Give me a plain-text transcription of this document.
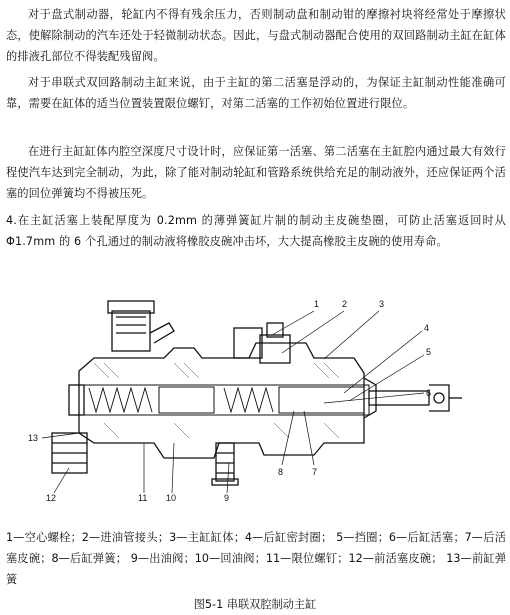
对于盘式制动器，轮缸内不得有残余压力，否则制动盘和制动钳的摩擦衬块将经常处于摩擦状态，使解除制动的汽车还处于轻微制动状态。因此，与盘式制动器配合使用的双回路制动主缸在缸体的排液孔部位不得装配残留阀。

对于串联式双回路制动主缸来说，由于主缸的第二活塞是浮动的，为保证主缸制动性能准确可靠，需要在缸体的适当位置装置限位螺钉，对第二活塞的工作初始位置进行限位。

在进行主缸缸体内腔空深度尺寸设计时，应保证第一活塞、第二活塞在主缸腔内通过最大有效行程使汽车达到完全制动，为此，除了能对制动轮缸和管路系统供给充足的制动液外，还应保证两个活塞的回位弹簧均不得被压死。

4.在主缸活塞上装配厚度为 0.2mm 的薄弹簧缸片制的制动主皮碗垫圈，可防止活塞返回时从Φ1.7mm 的 6 个孔通过的制动液将橡胶皮碗冲击坏，大大提高橡胶主皮碗的使用寿命。

1	2	3
4
5
6
7
8
9
10
11
12
13

1—空心螺栓；2—进油管接头；3—主缸缸体；4—后缸密封圈； 5—挡圈；6—后缸活塞；7—后活塞皮碗；8—后缸弹簧； 9—出油阀；10—回油阀；11—限位螺钉；12—前活塞皮碗； 13—前缸弹簧

图5-1 串联双腔制动主缸
